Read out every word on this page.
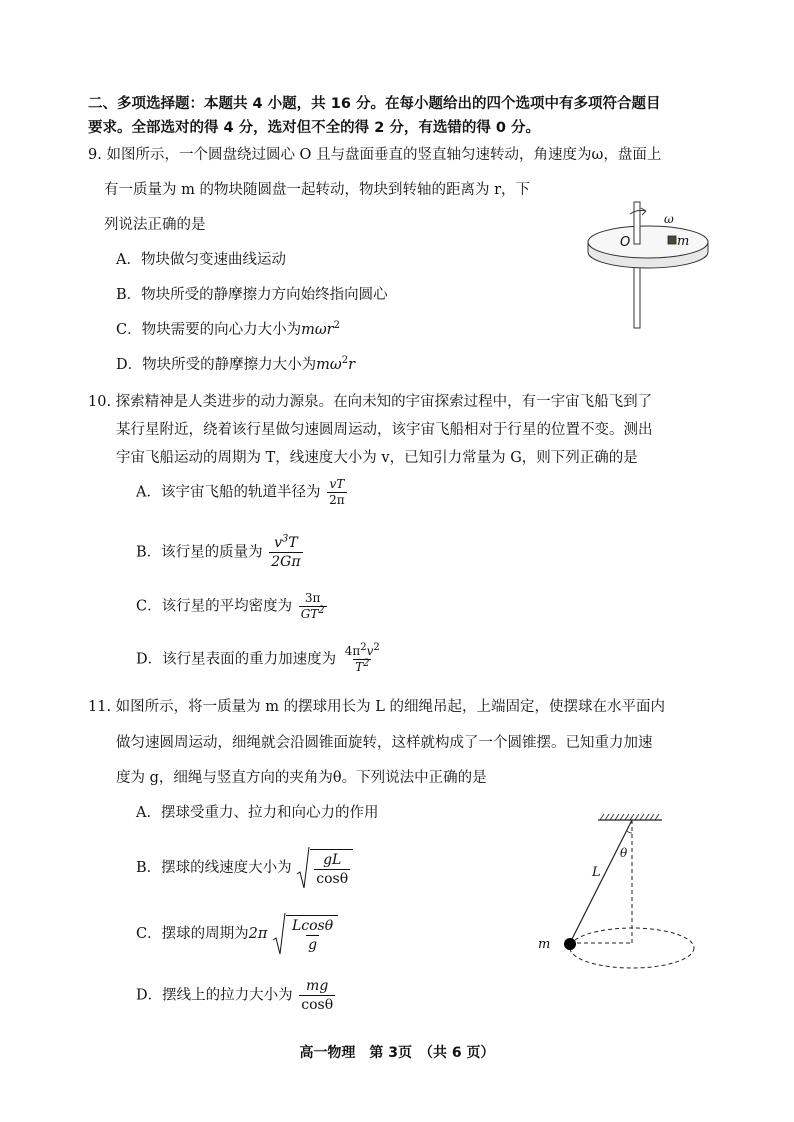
二、多项选择题：本题共 4 小题，共 16 分。在每小题给出的四个选项中有多项符合题目
要求。全部选对的得 4 分，选对但不全的得 2 分，有选错的得 0 分。
9. 如图所示，一个圆盘绕过圆心 O 且与盘面垂直的竖直轴匀速转动，角速度为ω，盘面上
有一质量为 m 的物块随圆盘一起转动，物块到转轴的距离为 r，下
列说法正确的是
A．物块做匀变速曲线运动
B．物块所受的静摩擦力方向始终指向圆心
C．物块需要的向心力大小为mωr$^2$
D．物块所受的静摩擦力大小为$m\omega^2r$
ω
O	m
10. 探索精神是人类进步的动力源泉。在向未知的宇宙探索过程中，有一宇宙飞船飞到了
某行星附近，绕着该行星做匀速圆周运动，该宇宙飞船相对于行星的位置不变。测出
宇宙飞船运动的周期为 T，线速度大小为 v，已知引力常量为 G，则下列正确的是
A．该宇宙飞船的轨道半径为 $\frac{vT}{2\pi}$
B．该行星的质量为 $\frac{v^3T}{2G\pi}$
C．该行星的平均密度为 $\frac{3\pi}{GT^2}$
D．该行星表面的重力加速度为 $\frac{4\pi^2v^2}{T^2}$
11. 如图所示，将一质量为 m 的摆球用长为 L 的细绳吊起，上端固定，使摆球在水平面内
做匀速圆周运动，细绳就会沿圆锥面旋转，这样就构成了一个圆锥摆。已知重力加速
度为 g，细绳与竖直方向的夹角为θ。下列说法中正确的是
A．摆球受重力、拉力和向心力的作用
B．摆球的线速度大小为 $\frac{gL}{\cos\theta}$
C．摆球的周期为$2\pi \frac{Lcos\theta}{g}$
D．摆线上的拉力大小为 $\frac{mg}{\cos\theta}$
L
θ
m
高一物理　第 3页　（共 6 页）
